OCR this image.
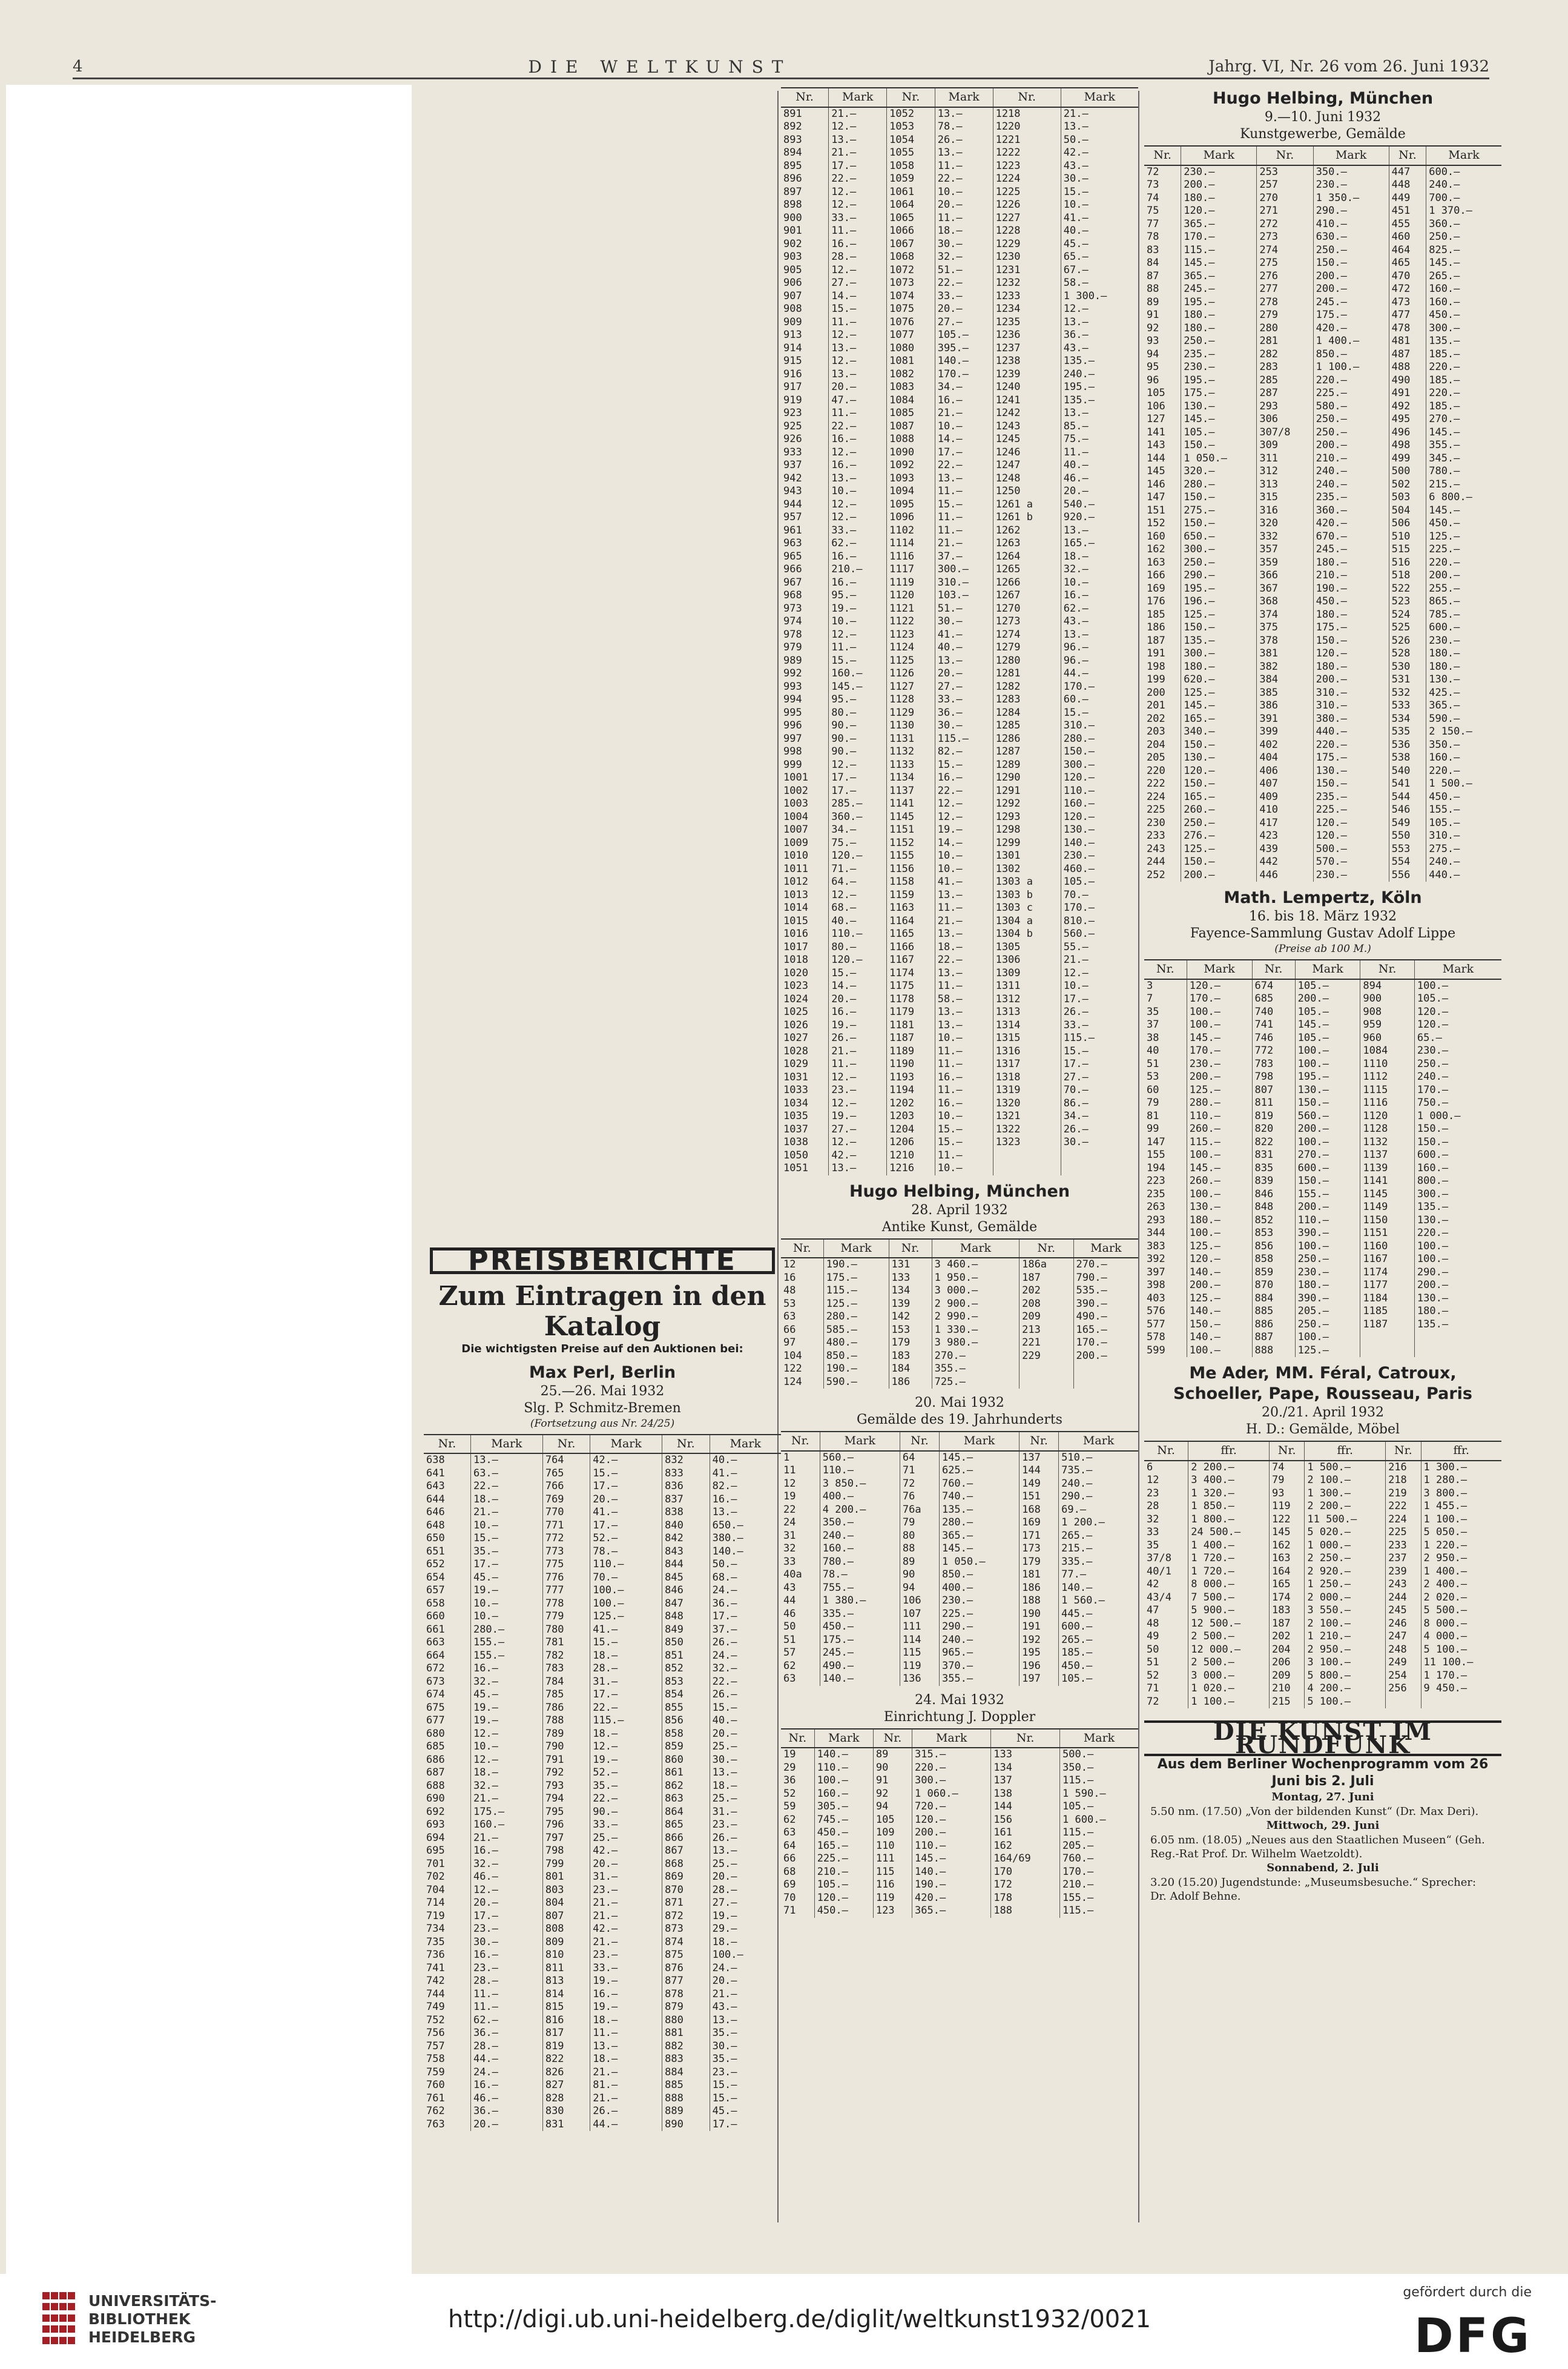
4	DIE WELTKUNST	Jahrg. VI, Nr. 26 vom 26. Juni 1932
PREISBERICHTE
Zum Eintragen in den Katalog
Die wichtigsten Preise auf den Auktionen bei:
Max Perl, Berlin
25.—26. Mai 1932
Slg. P. Schmitz-Bremen
(Fortsetzung aus Nr. 24/25)
Nr.	Mark	Nr.	Mark	Nr.	Mark
638	13.—	764	42.—	832	40.—
641	63.—	765	15.—	833	41.—
643	22.—	766	17.—	836	82.—
644	18.—	769	20.—	837	16.—
646	21.—	770	41.—	838	13.—
648	10.—	771	17.—	840	650.—
650	15.—	772	52.—	842	380.—
651	35.—	773	78.—	843	140.—
652	17.—	775	110.—	844	50.—
654	45.—	776	70.—	845	68.—
657	19.—	777	100.—	846	24.—
658	10.—	778	100.—	847	36.—
660	10.—	779	125.—	848	17.—
661	280.—	780	41.—	849	37.—
663	155.—	781	15.—	850	26.—
664	155.—	782	18.—	851	24.—
672	16.—	783	28.—	852	32.—
673	32.—	784	31.—	853	22.—
674	45.—	785	17.—	854	26.—
675	19.—	786	22.—	855	15.—
677	19.—	788	115.—	856	40.—
680	12.—	789	18.—	858	20.—
685	10.—	790	12.—	859	25.—
686	12.—	791	19.—	860	30.—
687	18.—	792	52.—	861	13.—
688	32.—	793	35.—	862	18.—
690	21.—	794	22.—	863	25.—
692	175.—	795	90.—	864	31.—
693	160.—	796	33.—	865	23.—
694	21.—	797	25.—	866	26.—
695	16.—	798	42.—	867	13.—
701	32.—	799	20.—	868	25.—
702	46.—	801	31.—	869	20.—
704	12.—	803	23.—	870	28.—
714	20.—	804	21.—	871	27.—
719	17.—	807	21.—	872	19.—
734	23.—	808	42.—	873	29.—
735	30.—	809	21.—	874	18.—
736	16.—	810	23.—	875	100.—
741	23.—	811	33.—	876	24.—
742	28.—	813	19.—	877	20.—
744	11.—	814	16.—	878	21.—
749	11.—	815	19.—	879	43.—
752	62.—	816	18.—	880	13.—
756	36.—	817	11.—	881	35.—
757	28.—	819	13.—	882	30.—
758	44.—	822	18.—	883	35.—
759	24.—	826	21.—	884	23.—
760	16.—	827	81.—	885	15.—
761	46.—	828	21.—	888	15.—
762	36.—	830	26.—	889	45.—
763	20.—	831	44.—	890	17.—
Nr.	Mark	Nr.	Mark	Nr.	Mark
891	21.—	1052	13.—	1218	21.—
892	12.—	1053	78.—	1220	13.—
893	13.—	1054	26.—	1221	50.—
894	21.—	1055	13.—	1222	42.—
895	17.—	1058	11.—	1223	43.—
896	22.—	1059	22.—	1224	30.—
897	12.—	1061	10.—	1225	15.—
898	12.—	1064	20.—	1226	10.—
900	33.—	1065	11.—	1227	41.—
901	11.—	1066	18.—	1228	40.—
902	16.—	1067	30.—	1229	45.—
903	28.—	1068	32.—	1230	65.—
905	12.—	1072	51.—	1231	67.—
906	27.—	1073	22.—	1232	58.—
907	14.—	1074	33.—	1233	1 300.—
908	15.—	1075	20.—	1234	12.—
909	11.—	1076	27.—	1235	13.—
913	12.—	1077	105.—	1236	36.—
914	13.—	1080	395.—	1237	43.—
915	12.—	1081	140.—	1238	135.—
916	13.—	1082	170.—	1239	240.—
917	20.—	1083	34.—	1240	195.—
919	47.—	1084	16.—	1241	135.—
923	11.—	1085	21.—	1242	13.—
925	22.—	1087	10.—	1243	85.—
926	16.—	1088	14.—	1245	75.—
933	12.—	1090	17.—	1246	11.—
937	16.—	1092	22.—	1247	40.—
942	13.—	1093	13.—	1248	46.—
943	10.—	1094	11.—	1250	20.—
944	12.—	1095	15.—	1261 a	540.—
957	12.—	1096	11.—	1261 b	920.—
961	33.—	1102	11.—	1262	13.—
963	62.—	1114	21.—	1263	165.—
965	16.—	1116	37.—	1264	18.—
966	210.—	1117	300.—	1265	32.—
967	16.—	1119	310.—	1266	10.—
968	95.—	1120	103.—	1267	16.—
973	19.—	1121	51.—	1270	62.—
974	10.—	1122	30.—	1273	43.—
978	12.—	1123	41.—	1274	13.—
979	11.—	1124	40.—	1279	96.—
989	15.—	1125	13.—	1280	96.—
992	160.—	1126	20.—	1281	44.—
993	145.—	1127	27.—	1282	170.—
994	95.—	1128	33.—	1283	60.—
995	80.—	1129	36.—	1284	15.—
996	90.—	1130	30.—	1285	310.—
997	90.—	1131	115.—	1286	280.—
998	90.—	1132	82.—	1287	150.—
999	12.—	1133	15.—	1289	300.—
1001	17.—	1134	16.—	1290	120.—
1002	17.—	1137	22.—	1291	110.—
1003	285.—	1141	12.—	1292	160.—
1004	360.—	1145	12.—	1293	120.—
1007	34.—	1151	19.—	1298	130.—
1009	75.—	1152	14.—	1299	140.—
1010	120.—	1155	10.—	1301	230.—
1011	71.—	1156	10.—	1302	460.—
1012	64.—	1158	41.—	1303 a	105.—
1013	12.—	1159	13.—	1303 b	70.—
1014	68.—	1163	11.—	1303 c	170.—
1015	40.—	1164	21.—	1304 a	810.—
1016	110.—	1165	13.—	1304 b	560.—
1017	80.—	1166	18.—	1305	55.—
1018	120.—	1167	22.—	1306	21.—
1020	15.—	1174	13.—	1309	12.—
1023	14.—	1175	11.—	1311	10.—
1024	20.—	1178	58.—	1312	17.—
1025	16.—	1179	13.—	1313	26.—
1026	19.—	1181	13.—	1314	33.—
1027	26.—	1187	10.—	1315	115.—
1028	21.—	1189	11.—	1316	15.—
1029	11.—	1190	11.—	1317	17.—
1031	12.—	1193	16.—	1318	27.—
1033	23.—	1194	11.—	1319	70.—
1034	12.—	1202	16.—	1320	86.—
1035	19.—	1203	10.—	1321	34.—
1037	27.—	1204	15.—	1322	26.—
1038	12.—	1206	15.—	1323	30.—
1050	42.—	1210	11.—		
1051	13.—	1216	10.—		
Hugo Helbing, München
28. April 1932
Antike Kunst, Gemälde
Nr.	Mark	Nr.	Mark	Nr.	Mark
12	190.—	131	3 460.—	186a	270.—
16	175.—	133	1 950.—	187	790.—
48	115.—	134	3 000.—	202	535.—
53	125.—	139	2 900.—	208	390.—
63	280.—	142	2 990.—	209	490.—
66	585.—	153	1 330.—	213	165.—
97	480.—	179	3 980.—	221	170.—
104	850.—	183	270.—	229	200.—
122	190.—	184	355.—		
124	590.—	186	725.—		
20. Mai 1932
Gemälde des 19. Jahrhunderts
Nr.	Mark	Nr.	Mark	Nr.	Mark
1	560.—	64	145.—	137	510.—
11	110.—	71	625.—	144	735.—
12	3 850.—	72	760.—	149	240.—
19	400.—	76	740.—	151	290.—
22	4 200.—	76a	135.—	168	69.—
24	350.—	79	280.—	169	1 200.—
31	240.—	80	365.—	171	265.—
32	160.—	88	145.—	173	215.—
33	780.—	89	1 050.—	179	335.—
40a	78.—	90	850.—	181	77.—
43	755.—	94	400.—	186	140.—
44	1 380.—	106	230.—	188	1 560.—
46	335.—	107	225.—	190	445.—
50	450.—	111	290.—	191	600.—
51	175.—	114	240.—	192	265.—
57	245.—	115	965.—	195	185.—
62	490.—	119	370.—	196	450.—
63	140.—	136	355.—	197	105.—
24. Mai 1932
Einrichtung J. Doppler
Nr.	Mark	Nr.	Mark	Nr.	Mark
19	140.—	89	315.—	133	500.—
29	110.—	90	220.—	134	350.—
36	100.—	91	300.—	137	115.—
52	160.—	92	1 060.—	138	1 590.—
59	305.—	94	720.—	144	105.—
62	745.—	105	120.—	156	1 600.—
63	450.—	109	200.—	161	115.—
64	165.—	110	110.—	162	205.—
66	225.—	111	145.—	164/69	760.—
68	210.—	115	140.—	170	170.—
69	105.—	116	190.—	172	210.—
70	120.—	119	420.—	178	155.—
71	450.—	123	365.—	188	115.—
Hugo Helbing, München
9.—10. Juni 1932
Kunstgewerbe, Gemälde
Nr.	Mark	Nr.	Mark	Nr.	Mark
72	230.—	253	350.—	447	600.—
73	200.—	257	230.—	448	240.—
74	180.—	270	1 350.—	449	700.—
75	120.—	271	290.—	451	1 370.—
77	365.—	272	410.—	455	360.—
78	170.—	273	630.—	460	250.—
83	115.—	274	250.—	464	825.—
84	145.—	275	150.—	465	145.—
87	365.—	276	200.—	470	265.—
88	245.—	277	200.—	472	160.—
89	195.—	278	245.—	473	160.—
91	180.—	279	175.—	477	450.—
92	180.—	280	420.—	478	300.—
93	250.—	281	1 400.—	481	135.—
94	235.—	282	850.—	487	185.—
95	230.—	283	1 100.—	488	220.—
96	195.—	285	220.—	490	185.—
105	175.—	287	225.—	491	220.—
106	130.—	293	580.—	492	185.—
127	145.—	306	250.—	495	270.—
141	105.—	307/8	250.—	496	145.—
143	150.—	309	200.—	498	355.—
144	1 050.—	311	210.—	499	345.—
145	320.—	312	240.—	500	780.—
146	280.—	313	240.—	502	215.—
147	150.—	315	235.—	503	6 800.—
151	275.—	316	360.—	504	145.—
152	150.—	320	420.—	506	450.—
160	650.—	332	670.—	510	125.—
162	300.—	357	245.—	515	225.—
163	250.—	359	180.—	516	220.—
166	290.—	366	210.—	518	200.—
169	195.—	367	190.—	522	255.—
176	196.—	368	450.—	523	865.—
185	125.—	374	180.—	524	785.—
186	150.—	375	175.—	525	600.—
187	135.—	378	150.—	526	230.—
191	300.—	381	120.—	528	180.—
198	180.—	382	180.—	530	180.—
199	620.—	384	200.—	531	130.—
200	125.—	385	310.—	532	425.—
201	145.—	386	310.—	533	365.—
202	165.—	391	380.—	534	590.—
203	340.—	399	440.—	535	2 150.—
204	150.—	402	220.—	536	350.—
205	130.—	404	175.—	538	160.—
220	120.—	406	130.—	540	220.—
222	150.—	407	150.—	541	1 500.—
224	165.—	409	235.—	544	450.—
225	260.—	410	225.—	546	155.—
230	250.—	417	120.—	549	105.—
233	276.—	423	120.—	550	310.—
243	125.—	439	500.—	553	275.—
244	150.—	442	570.—	554	240.—
252	200.—	446	230.—	556	440.—
Math. Lempertz, Köln
16. bis 18. März 1932
Fayence-Sammlung Gustav Adolf Lippe
(Preise ab 100 M.)
Nr.	Mark	Nr.	Mark	Nr.	Mark
3	120.—	674	105.—	894	100.—
7	170.—	685	200.—	900	105.—
35	100.—	740	105.—	908	120.—
37	100.—	741	145.—	959	120.—
38	145.—	746	105.—	960	65.—
40	170.—	772	100.—	1084	230.—
51	230.—	783	100.—	1110	250.—
53	200.—	798	195.—	1112	240.—
60	125.—	807	130.—	1115	170.—
79	280.—	811	150.—	1116	750.—
81	110.—	819	560.—	1120	1 000.—
99	260.—	820	200.—	1128	150.—
147	115.—	822	100.—	1132	150.—
155	100.—	831	270.—	1137	600.—
194	145.—	835	600.—	1139	160.—
223	260.—	839	150.—	1141	800.—
235	100.—	846	155.—	1145	300.—
263	130.—	848	200.—	1149	135.—
293	180.—	852	110.—	1150	130.—
344	100.—	853	390.—	1151	220.—
383	125.—	856	100.—	1160	100.—
392	120.—	858	250.—	1167	100.—
397	140.—	859	230.—	1174	290.—
398	200.—	870	180.—	1177	200.—
403	125.—	884	390.—	1184	130.—
576	140.—	885	205.—	1185	180.—
577	150.—	886	250.—	1187	135.—
578	140.—	887	100.—		
599	100.—	888	125.—		
Me Ader, MM. Féral, Catroux, Schoeller, Pape, Rousseau, Paris
20./21. April 1932
H. D.: Gemälde, Möbel
Nr.	ffr.	Nr.	ffr.	Nr.	ffr.
6	2 200.—	74	1 500.—	216	1 300.—
12	3 400.—	79	2 100.—	218	1 280.—
23	1 320.—	93	1 300.—	219	3 800.—
28	1 850.—	119	2 200.—	222	1 455.—
32	1 800.—	122	11 500.—	224	1 100.—
33	24 500.—	145	5 020.—	225	5 050.—
35	1 400.—	162	1 000.—	233	1 220.—
37/8	1 720.—	163	2 250.—	237	2 950.—
40/1	1 720.—	164	2 920.—	239	1 400.—
42	8 000.—	165	1 250.—	243	2 400.—
43/4	7 500.—	174	2 000.—	244	2 020.—
47	5 900.—	183	3 550.—	245	5 500.—
48	12 500.—	187	2 100.—	246	8 000.—
49	2 500.—	202	1 210.—	247	4 000.—
50	12 000.—	204	2 950.—	248	5 100.—
51	2 500.—	206	3 100.—	249	11 100.—
52	3 000.—	209	5 800.—	254	1 170.—
71	1 020.—	210	4 200.—	256	9 450.—
72	1 100.—	215	5 100.—		
DIE KUNST IM RUNDFUNK
Aus dem Berliner Wochenprogramm vom 26 Juni bis 2. Juli
Montag, 27. Juni
5.50 nm. (17.50) „Von der bildenden Kunst“ (Dr. Max Deri).
Mittwoch, 29. Juni
6.05 nm. (18.05) „Neues aus den Staatlichen Museen“ (Geh. Reg.-Rat Prof. Dr. Wilhelm Waetzoldt).
Sonnabend, 2. Juli
3.20 (15.20) Jugendstunde: „Museumsbesuche.“ Sprecher: Dr. Adolf Behne.
UNIVERSITÄTS- BIBLIOTHEK HEIDELBERG
http://digi.ub.uni-heidelberg.de/diglit/weltkunst1932/0021
gefördert durch die
DFG
